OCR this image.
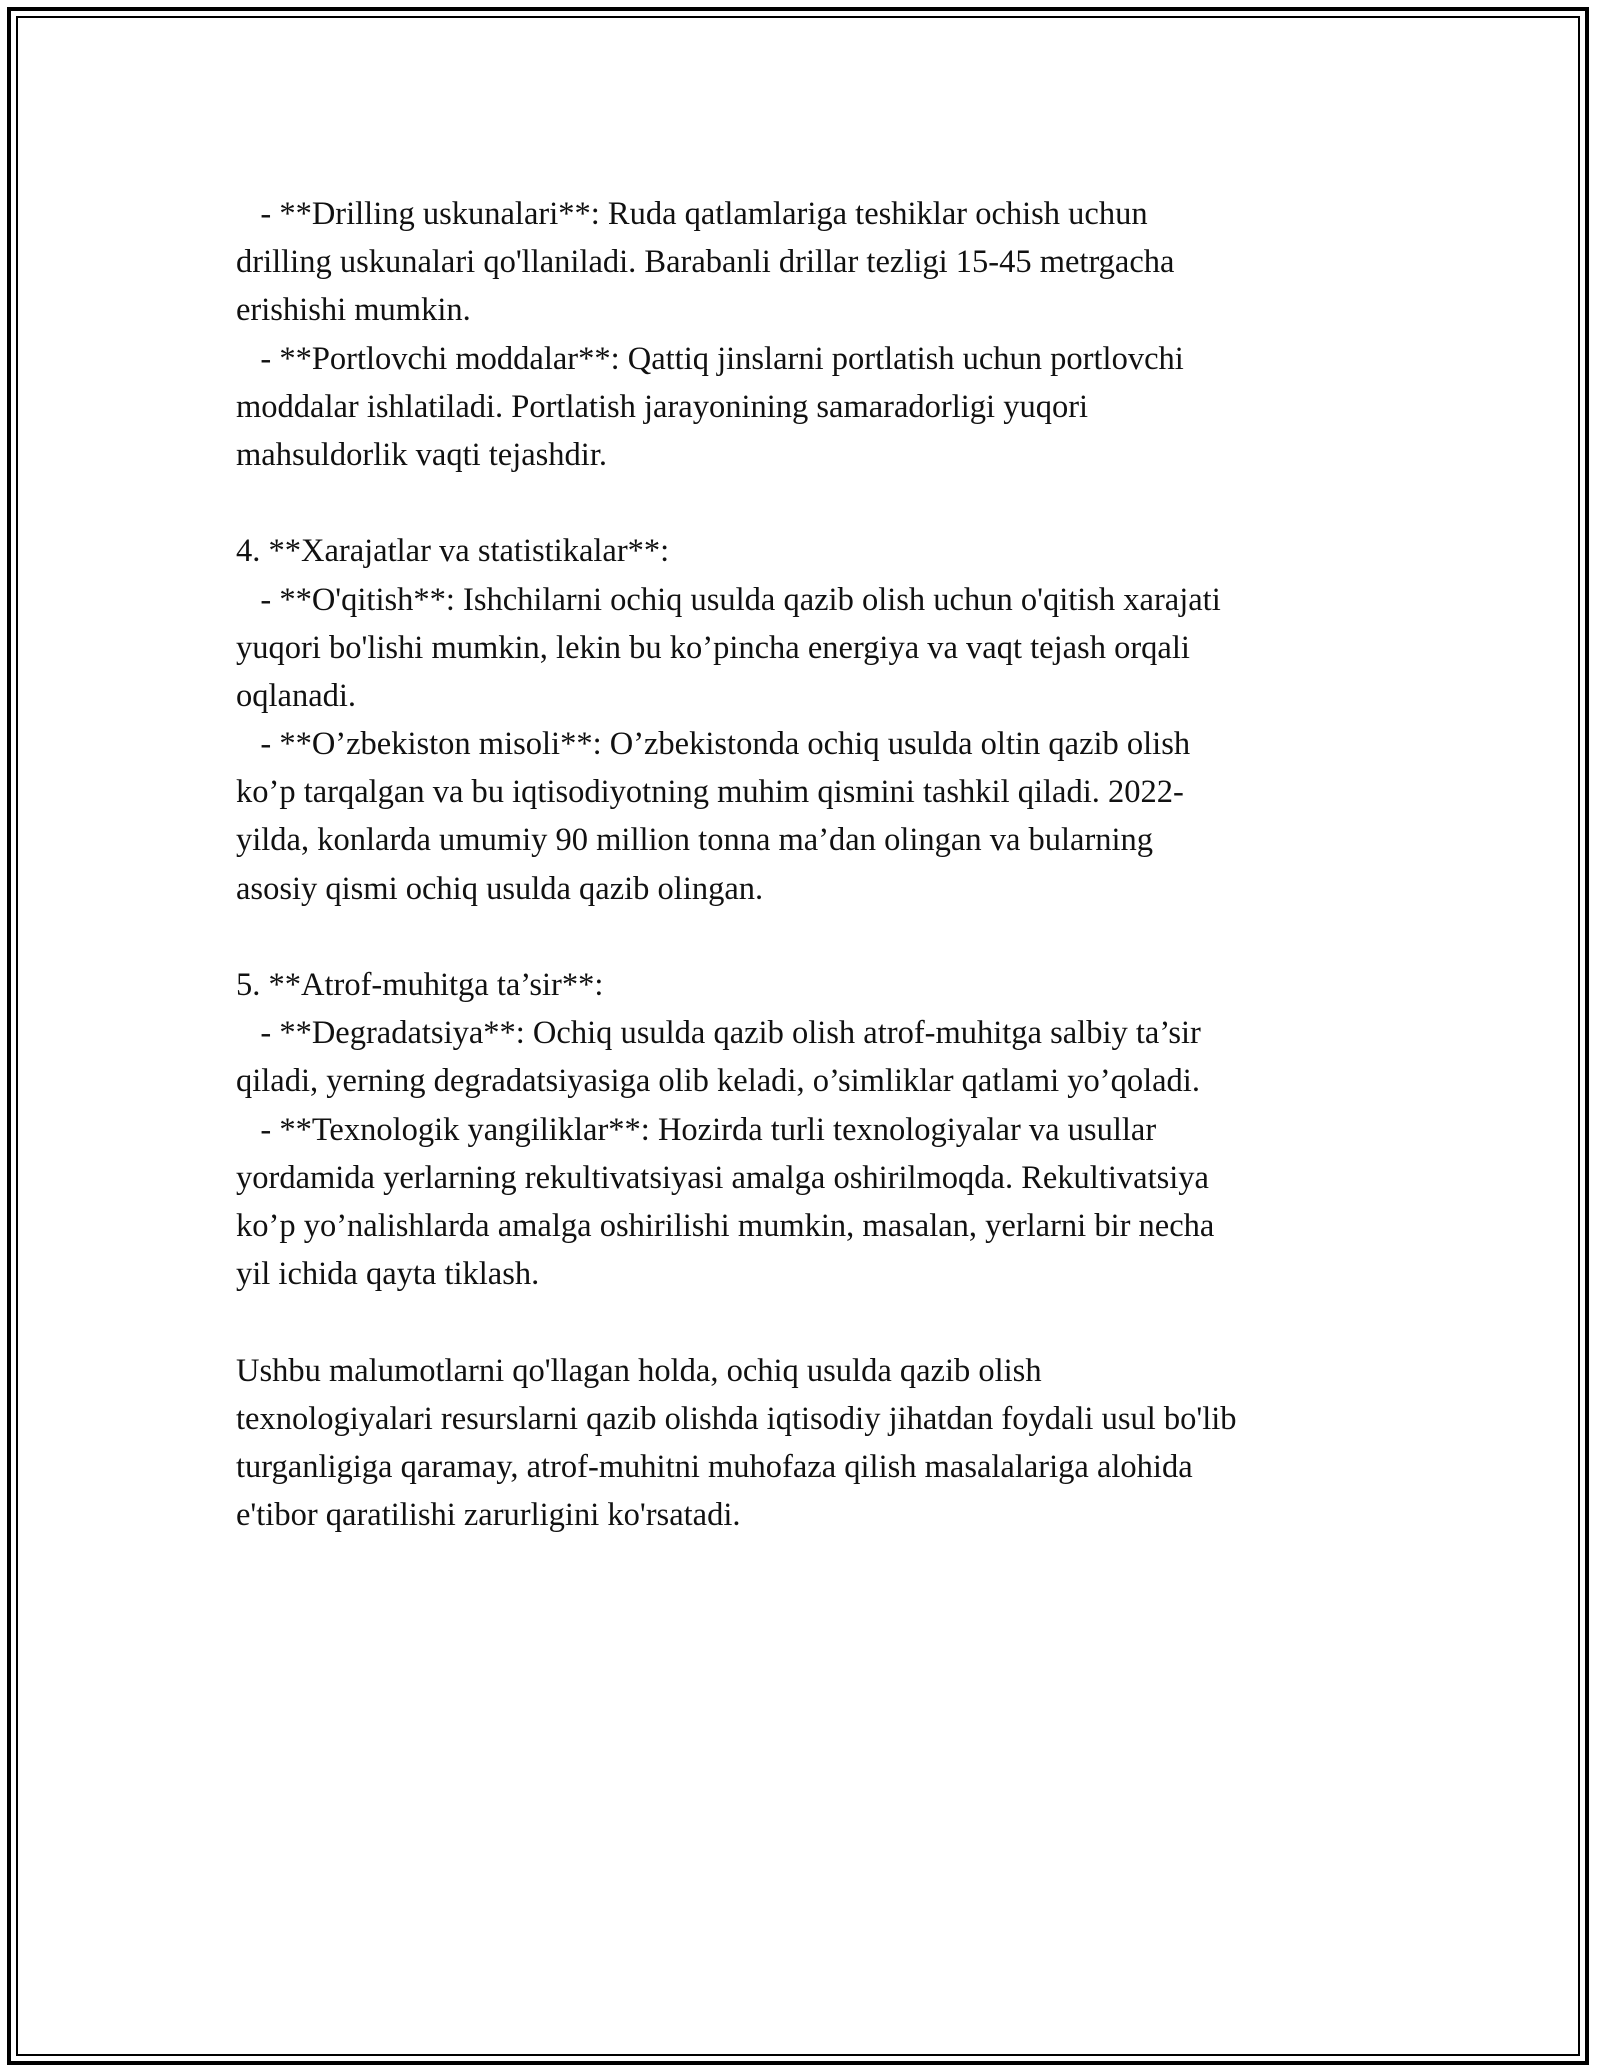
- **Drilling uskunalari**: Ruda qatlamlariga teshiklar ochish uchun
drilling uskunalari qo'llaniladi. Barabanli drillar tezligi 15-45 metrgacha
erishishi mumkin.
- **Portlovchi moddalar**: Qattiq jinslarni portlatish uchun portlovchi
moddalar ishlatiladi. Portlatish jarayonining samaradorligi yuqori
mahsuldorlik vaqti tejashdir.
4. **Xarajatlar va statistikalar**:
- **O'qitish**: Ishchilarni ochiq usulda qazib olish uchun o'qitish xarajati
yuqori bo'lishi mumkin, lekin bu ko’pincha energiya va vaqt tejash orqali
oqlanadi.
- **O’zbekiston misoli**: O’zbekistonda ochiq usulda oltin qazib olish
ko’p tarqalgan va bu iqtisodiyotning muhim qismini tashkil qiladi. 2022-
yilda, konlarda umumiy 90 million tonna ma’dan olingan va bularning
asosiy qismi ochiq usulda qazib olingan.
5. **Atrof-muhitga ta’sir**:
- **Degradatsiya**: Ochiq usulda qazib olish atrof-muhitga salbiy ta’sir
qiladi, yerning degradatsiyasiga olib keladi, o’simliklar qatlami yo’qoladi.
- **Texnologik yangiliklar**: Hozirda turli texnologiyalar va usullar
yordamida yerlarning rekultivatsiyasi amalga oshirilmoqda. Rekultivatsiya
ko’p yo’nalishlarda amalga oshirilishi mumkin, masalan, yerlarni bir necha
yil ichida qayta tiklash.
Ushbu malumotlarni qo'llagan holda, ochiq usulda qazib olish
texnologiyalari resurslarni qazib olishda iqtisodiy jihatdan foydali usul bo'lib
turganligiga qaramay, atrof-muhitni muhofaza qilish masalalariga alohida
e'tibor qaratilishi zarurligini ko'rsatadi.
